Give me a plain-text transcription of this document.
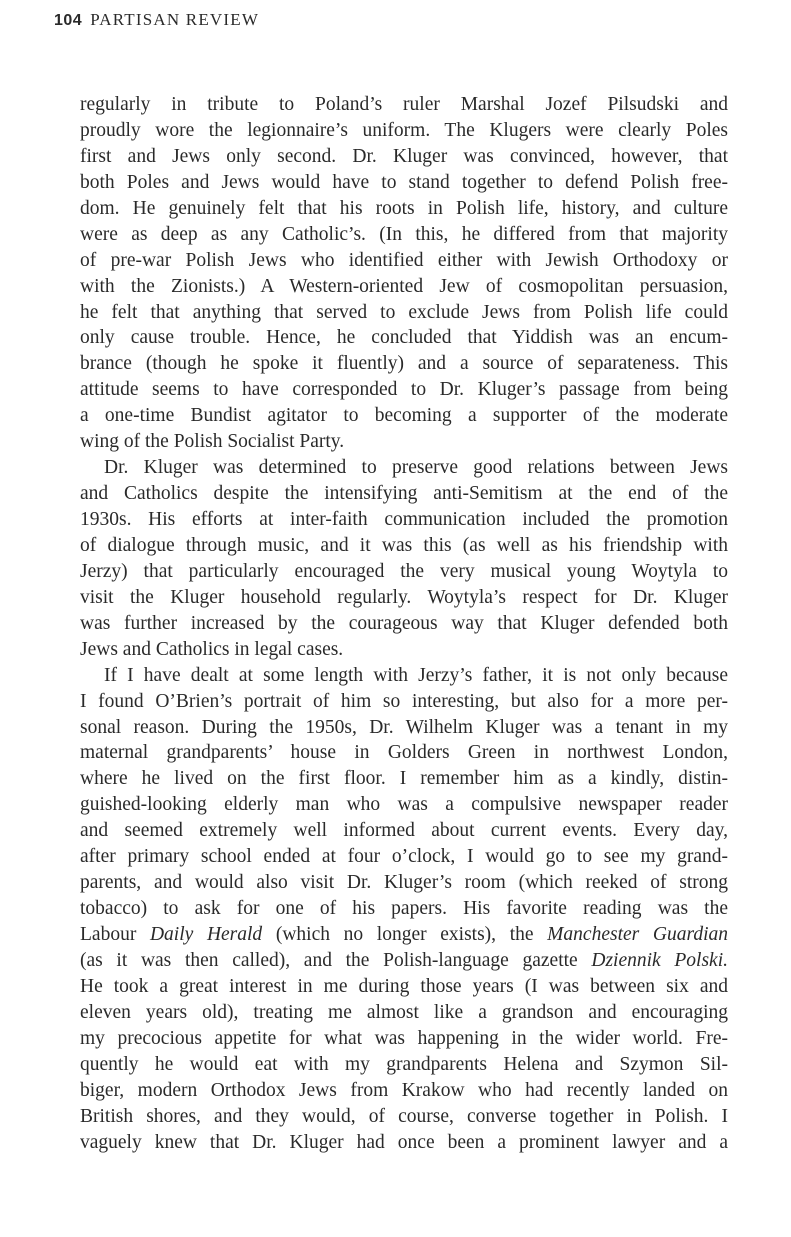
104 PARTISAN REVIEW
regularly in tribute to Poland’s ruler Marshal Jozef Pilsudski and
proudly wore the legionnaire’s uniform. The Klugers were clearly Poles
first and Jews only second. Dr. Kluger was convinced, however, that
both Poles and Jews would have to stand together to defend Polish free-
dom. He genuinely felt that his roots in Polish life, history, and culture
were as deep as any Catholic’s. (In this, he differed from that majority
of pre-war Polish Jews who identified either with Jewish Orthodoxy or
with the Zionists.) A Western-oriented Jew of cosmopolitan persuasion,
he felt that anything that served to exclude Jews from Polish life could
only cause trouble. Hence, he concluded that Yiddish was an encum-
brance (though he spoke it fluently) and a source of separateness. This
attitude seems to have corresponded to Dr. Kluger’s passage from being
a one-time Bundist agitator to becoming a supporter of the moderate
wing of the Polish Socialist Party.
Dr. Kluger was determined to preserve good relations between Jews
and Catholics despite the intensifying anti-Semitism at the end of the
1930s. His efforts at inter-faith communication included the promotion
of dialogue through music, and it was this (as well as his friendship with
Jerzy) that particularly encouraged the very musical young Woytyla to
visit the Kluger household regularly. Woytyla’s respect for Dr. Kluger
was further increased by the courageous way that Kluger defended both
Jews and Catholics in legal cases.
If I have dealt at some length with Jerzy’s father, it is not only because
I found O’Brien’s portrait of him so interesting, but also for a more per-
sonal reason. During the 1950s, Dr. Wilhelm Kluger was a tenant in my
maternal grandparents’ house in Golders Green in northwest London,
where he lived on the first floor. I remember him as a kindly, distin-
guished-looking elderly man who was a compulsive newspaper reader
and seemed extremely well informed about current events. Every day,
after primary school ended at four o’clock, I would go to see my grand-
parents, and would also visit Dr. Kluger’s room (which reeked of strong
tobacco) to ask for one of his papers. His favorite reading was the
Labour Daily Herald (which no longer exists), the Manchester Guardian
(as it was then called), and the Polish-language gazette Dziennik Polski.
He took a great interest in me during those years (I was between six and
eleven years old), treating me almost like a grandson and encouraging
my precocious appetite for what was happening in the wider world. Fre-
quently he would eat with my grandparents Helena and Szymon Sil-
biger, modern Orthodox Jews from Krakow who had recently landed on
British shores, and they would, of course, converse together in Polish. I
vaguely knew that Dr. Kluger had once been a prominent lawyer and a
